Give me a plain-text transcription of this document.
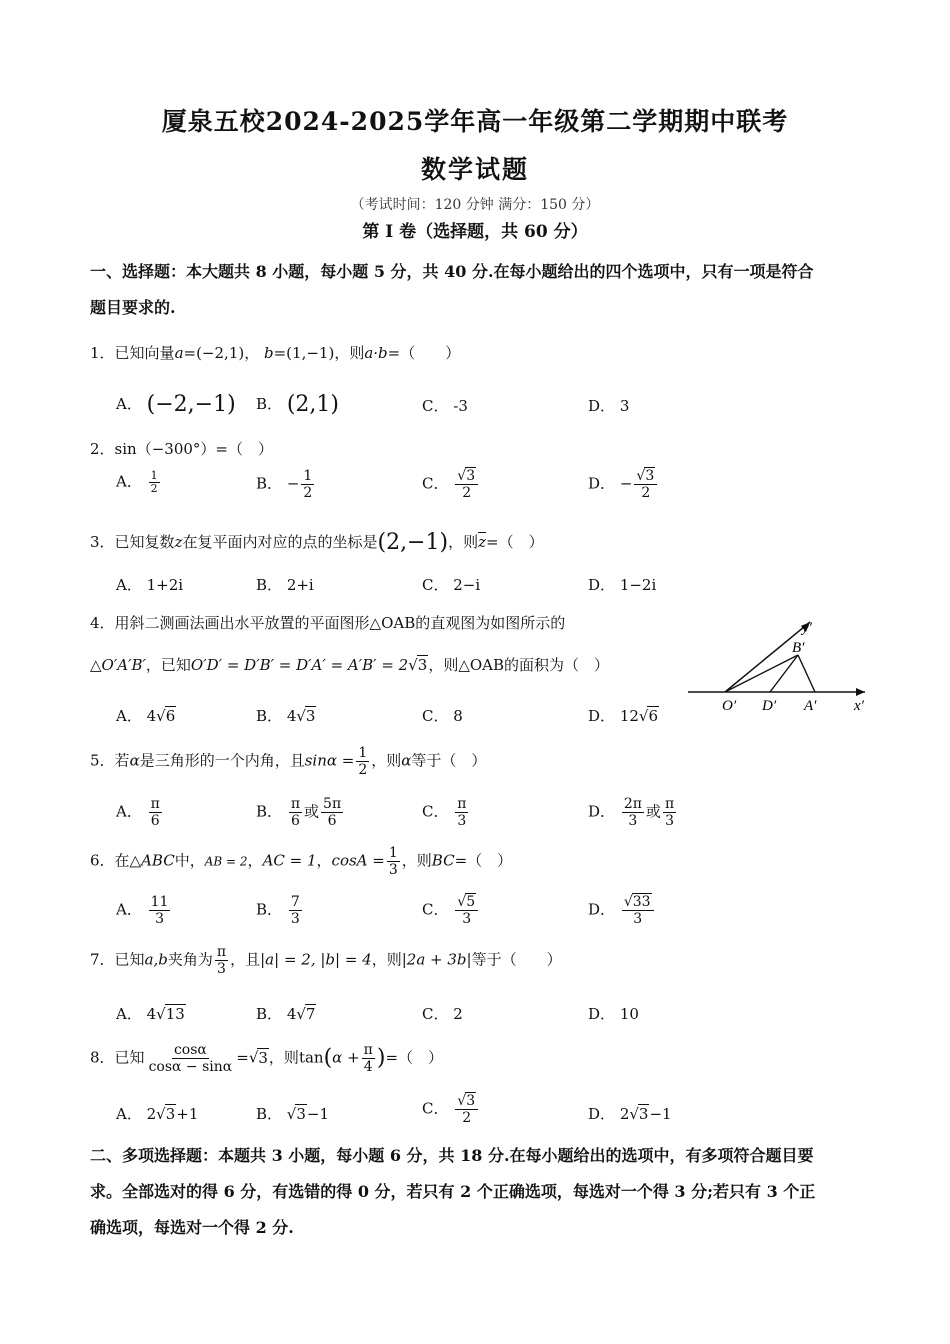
厦泉五校2024-2025学年高一年级第二学期期中联考
数学试题
（考试时间：120 分钟 满分：150 分）
第 I 卷（选择题，共 60 分）
一、选择题：本大题共 8 小题，每小题 5 分，共 40 分.在每小题给出的四个选项中，只有一项是符合
题目要求的.
1．已知向量a=(−2,1)， b=(1,−1)，则a·b=（　　）
A． (−2,−1) B． (2,1)	C． -3	D． 3
2．sin（−300°）=（　）
A． $\frac{1}{2}$	B． − $\frac{1}{2}$	C． $\frac{√3}{2}$	D． − $\frac{√3}{2}$
3．已知复数z在复平面内对应的点的坐标是(2,−1)，则$\overline{z}=$（　）
A． 1+2i	B． 2+i	C． 2−i	D． 1−2i
4．用斜二测画法画出水平放置的平面图形△OAB的直观图为如图所示的
△O′A′B′，已知O′D′ = D′B′ = D′A′ = A′B′ = 2√3，则△OAB的面积为（　）
A． 4√6	B． 4√3	C． 8	D． 12√6
y′
B′
O′ D′ A′	x′
5．若α是三角形的一个内角，且$\sin\alpha = \frac{1}{2}$ ，则α等于（　）
A． $\frac{\pi}{6}$	B． $\frac{\pi}{6}$ 或 $\frac{5\pi}{6}$	C． $\frac{\pi}{3}$	D． $\frac{2\pi}{3}$ 或 $\frac{\pi}{3}$
6．在△ABC中，AB = 2，AC = 1，$\cos A = \frac{1}{3}$ ，则BC=（　）
A． $\frac{11}{3}$	B． $\frac{7}{3}$	C． $\frac{√5}{3}$	D． $\frac{√33}{3}$
7．已知a,b夹角为 $\frac{\pi}{3}$ ，且|a| = 2, |b| = 4，则|2a + 3b|等于（　　）
A． 4√13	B． 4√7	C． 2	D． 10
8．已知 $\frac{\cos\alpha}{\cos\alpha - \sin\alpha} =√3$，则$\tan(\alpha + \frac{\pi}{4}$ )=（　）
A． 2√3+1	B． √3−1	C． $\frac{√3}{2}$	D． 2√3−1
二、多项选择题：本题共 3 小题，每小题 6 分，共 18 分.在每小题给出的选项中，有多项符合题目要
求。全部选对的得 6 分，有选错的得 0 分，若只有 2 个正确选项，每选对一个得 3 分;若只有 3 个正
确选项，每选对一个得 2 分.
